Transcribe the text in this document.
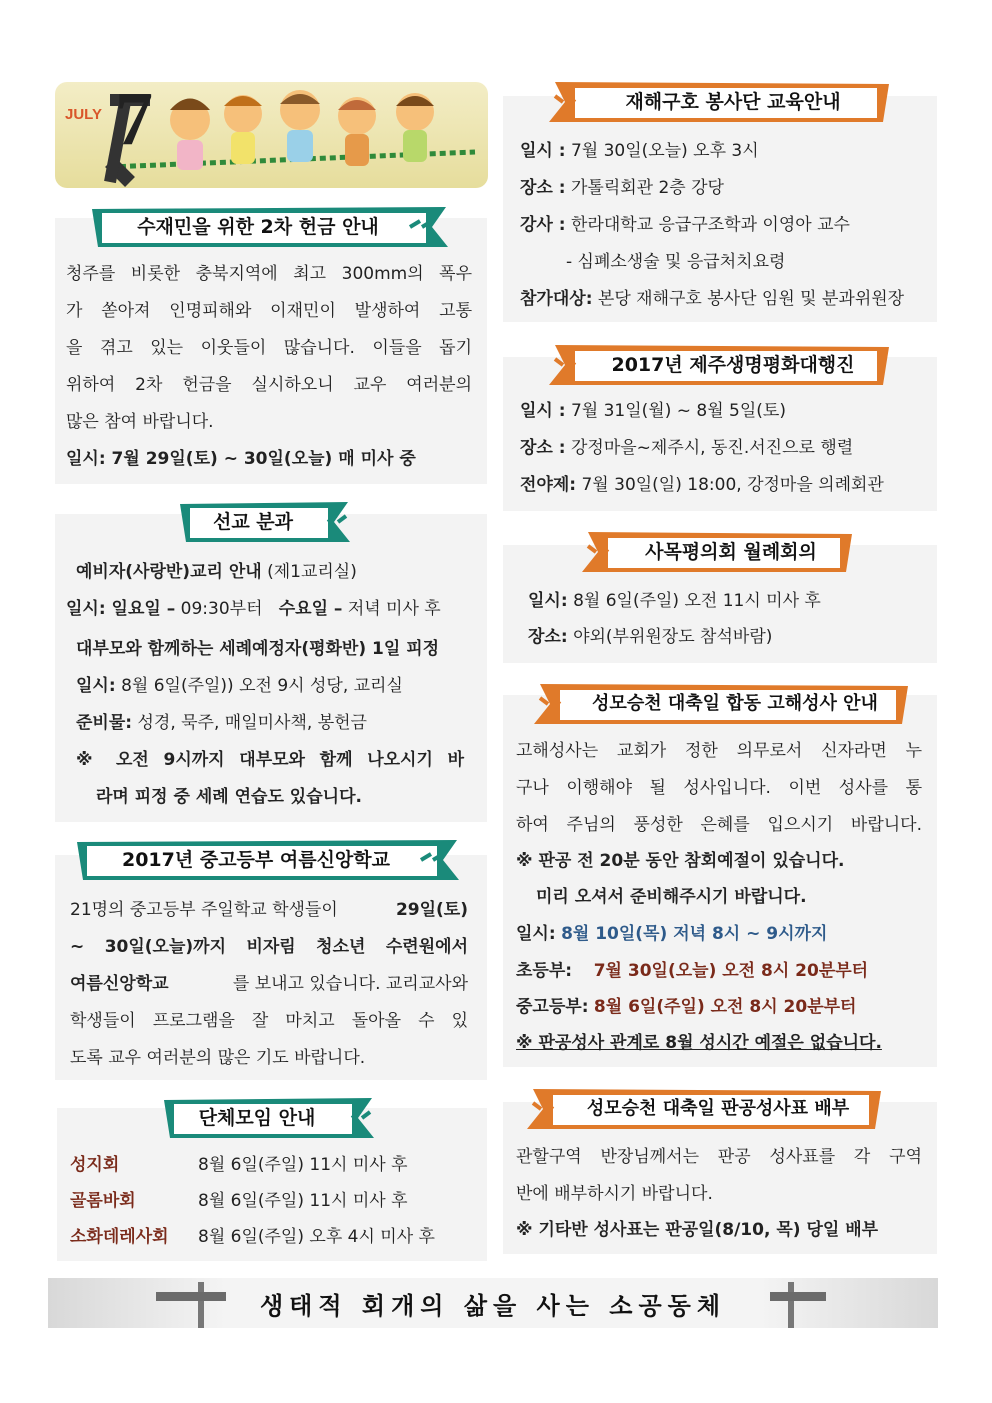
JULY 7
수재민을 위한 2차 헌금 안내
청주를 비롯한 충북지역에 최고 300mm의 폭우
가 쏟아져 인명피해와 이재민이 발생하여 고통
을 겪고 있는 이웃들이 많습니다. 이들을 돕기
위하여 2차 헌금을 실시하오니 교우 여러분의
많은 참여 바랍니다.
일시: 7월 29일(토) ~ 30일(오늘) 매 미사 중
선교 분과
예비자(사랑반)교리 안내 (제1교리실)
일시: 일요일 – 09:30부터 수요일 – 저녁 미사 후
대부모와 함께하는 세례예정자(평화반) 1일 피정
일시: 8월 6일(주일)) 오전 9시 성당, 교리실
준비물: 성경, 묵주, 매일미사책, 봉헌금
※ 오전 9시까지 대부모와 함께 나오시기 바
라며 피정 중 세례 연습도 있습니다.
2017년 중고등부 여름신앙학교
21명의 중고등부 주일학교 학생들이	29일(토)
~ 30일(오늘)까지 비자림 청소년 수련원에서
여름신앙학교	를 보내고 있습니다. 교리교사와
학생들이 프로그램을 잘 마치고 돌아올 수 있
도록 교우 여러분의 많은 기도 바랍니다.
단체모임 안내
성지회	8월 6일(주일) 11시 미사 후
골롬바회	8월 6일(주일) 11시 미사 후
소화데레사회 8월 6일(주일) 오후 4시 미사 후
재해구호 봉사단 교육안내
일시 : 7월 30일(오늘) 오후 3시
장소 : 가톨릭회관 2층 강당
강사 : 한라대학교 응급구조학과 이영아 교수
- 심폐소생술 및 응급처치요령
참가대상: 본당 재해구호 봉사단 임원 및 분과위원장
2017년 제주생명평화대행진
일시 : 7월 31일(월) ~ 8월 5일(토)
장소 : 강정마을~제주시, 동진.서진으로 행렬
전야제: 7월 30일(일) 18:00, 강정마을 의례회관
사목평의회 월례회의
일시: 8월 6일(주일) 오전 11시 미사 후
장소: 야외(부위원장도 참석바람)
성모승천 대축일 합동 고해성사 안내
고해성사는 교회가 정한 의무로서 신자라면 누
구나 이행해야 될 성사입니다. 이번 성사를 통
하여 주님의 풍성한 은혜를 입으시기 바랍니다.
※ 판공 전 20분 동안 참회예절이 있습니다.
미리 오셔서 준비해주시기 바랍니다.
일시: 8월 10일(목) 저녁 8시 ~ 9시까지
초등부: 7월 30일(오늘) 오전 8시 20분부터
중고등부: 8월 6일(주일) 오전 8시 20분부터
※ 판공성사 관계로 8월 성시간 예절은 없습니다.
성모승천 대축일 판공성사표 배부
관할구역 반장님께서는 판공 성사표를 각 구역
반에 배부하시기 바랍니다.
※ 기타반 성사표는 판공일(8/10, 목) 당일 배부
생태적 회개의 삶을 사는 소공동체
